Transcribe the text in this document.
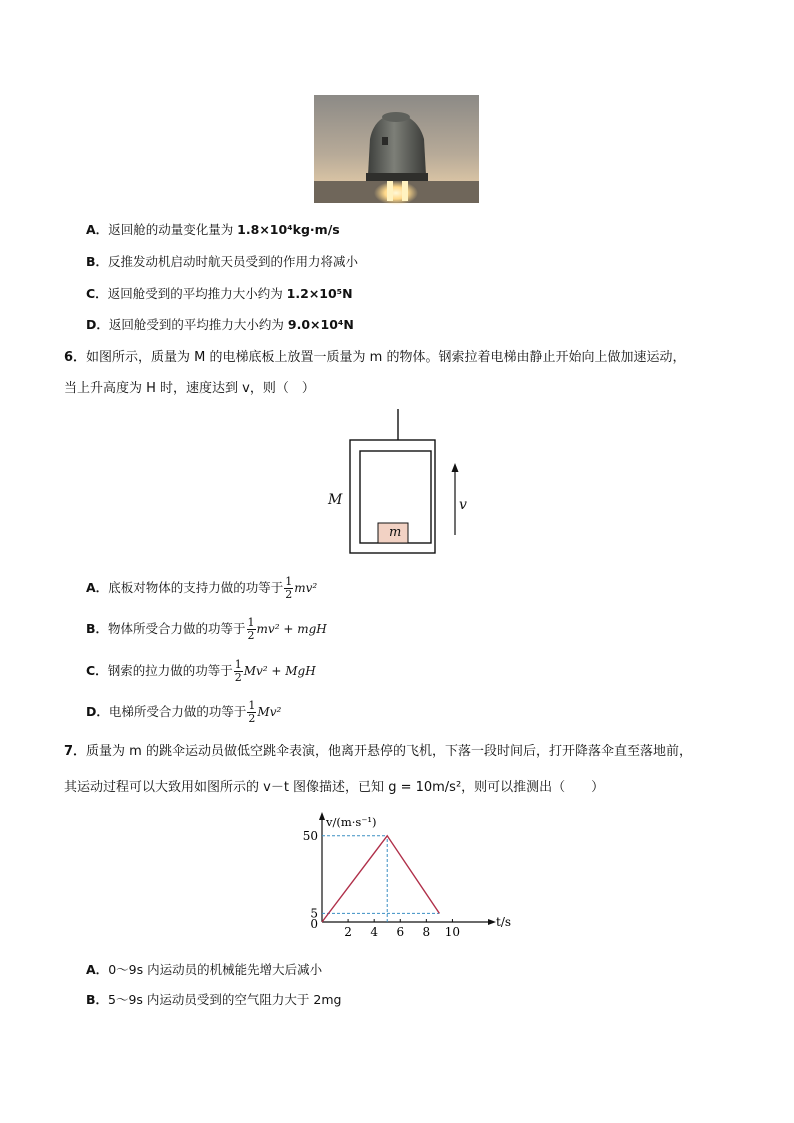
A．返回舱的动量变化量为 1.8×10⁴kg·m/s
B．反推发动机启动时航天员受到的作用力将减小
C．返回舱受到的平均推力大小约为 1.2×10⁵N
D．返回舱受到的平均推力大小约为 9.0×10⁴N
6．如图所示，质量为 M 的电梯底板上放置一质量为 m 的物体。钢索拉着电梯由静止开始向上做加速运动，
当上升高度为 H 时，速度达到 v，则（　）
M
m
v
A．底板对物体的支持力做的功等于 $\frac{1}{2} mv^2$
B．物体所受合力做的功等于 $\frac{1}{2} mv^2$ + mgH
C．钢索的拉力做的功等于 $\frac{1}{2} Mv^2$ + MgH
D．电梯所受合力做的功等于 $\frac{1}{2} Mv^2$
7．质量为 m 的跳伞运动员做低空跳伞表演，他离开悬停的飞机，下落一段时间后，打开降落伞直至落地前，
其运动过程可以大致用如图所示的 v－t 图像描述，已知 g = 10m/s²，则可以推测出（　　）
2 4 6 8 10
5
50
0
v/(m·s⁻¹)
t/s
A．0～9s 内运动员的机械能先增大后减小
B．5～9s 内运动员受到的空气阻力大于 2mg
